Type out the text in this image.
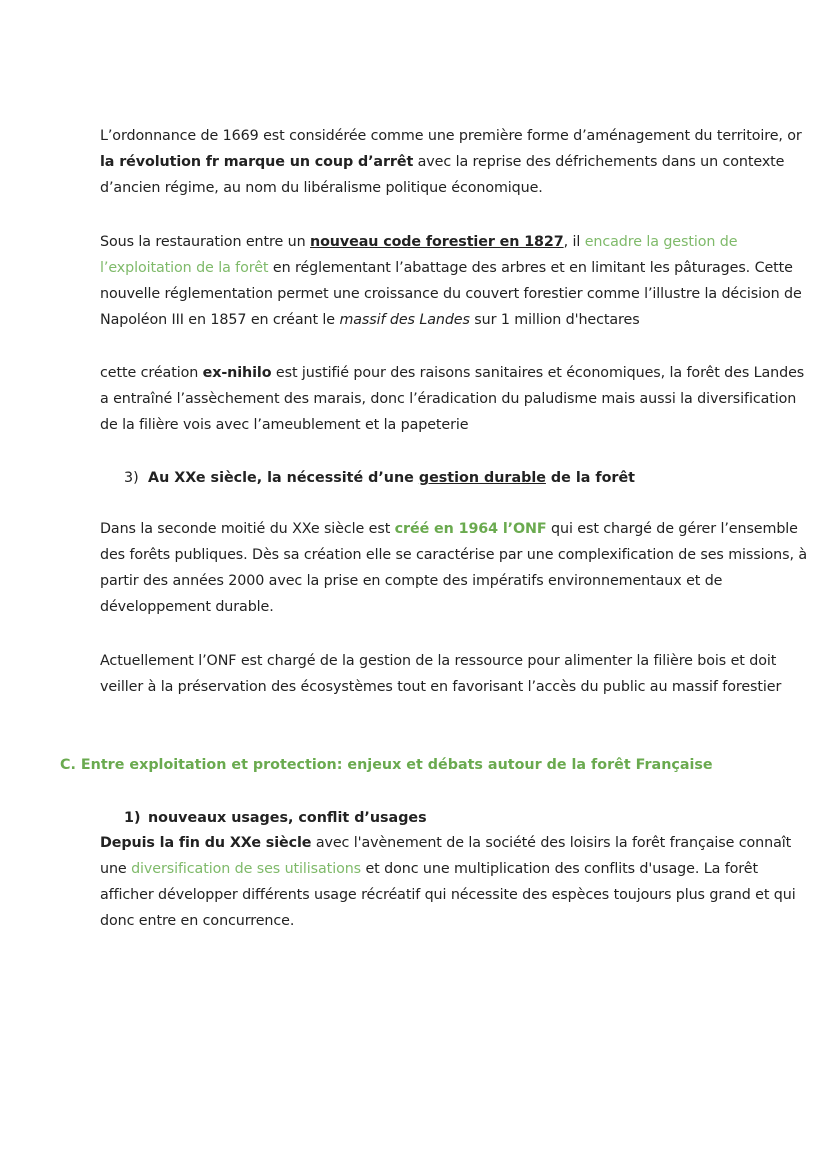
L’ordonnance de 1669 est considérée comme une première forme d’aménagement du territoire, or la révolution fr marque un coup d’arrêt avec la reprise des défrichements dans un contexte d’ancien régime, au nom du libéralisme politique économique.

Sous la restauration entre un nouveau code forestier en 1827, il encadre la gestion de l’exploitation de la forêt en réglementant l’abattage des arbres et en limitant les pâturages. Cette nouvelle réglementation permet une croissance du couvert forestier comme l’illustre la décision de Napoléon III en 1857 en créant le massif des Landes sur 1 million d'hectares

cette création ex-nihilo est justifié pour des raisons sanitaires et économiques, la forêt des Landes a entraîné l’assèchement des marais, donc l’éradication du paludisme mais aussi la diversification de la filière vois avec l’ameublement et la papeterie

3) Au XXe siècle, la nécessité d’une gestion durable de la forêt

Dans la seconde moitié du XXe siècle est créé en 1964 l’ONF qui est chargé de gérer l’ensemble des forêts publiques. Dès sa création elle se caractérise par une complexification de ses missions, à partir des années 2000 avec la prise en compte des impératifs environnementaux et de développement durable.

Actuellement l’ONF est chargé de la gestion de la ressource pour alimenter la filière bois et doit veiller à la préservation des écosystèmes tout en favorisant l’accès du public au massif forestier

C. Entre exploitation et protection: enjeux et débats autour de la forêt Française
1) nouveaux usages, conflit d’usages

Depuis la fin du XXe siècle avec l'avènement de la société des loisirs la forêt française connaît une diversification de ses utilisations et donc une multiplication des conflits d'usage. La forêt afficher développer différents usage récréatif qui nécessite des espèces toujours plus grand et qui donc entre en concurrence.
